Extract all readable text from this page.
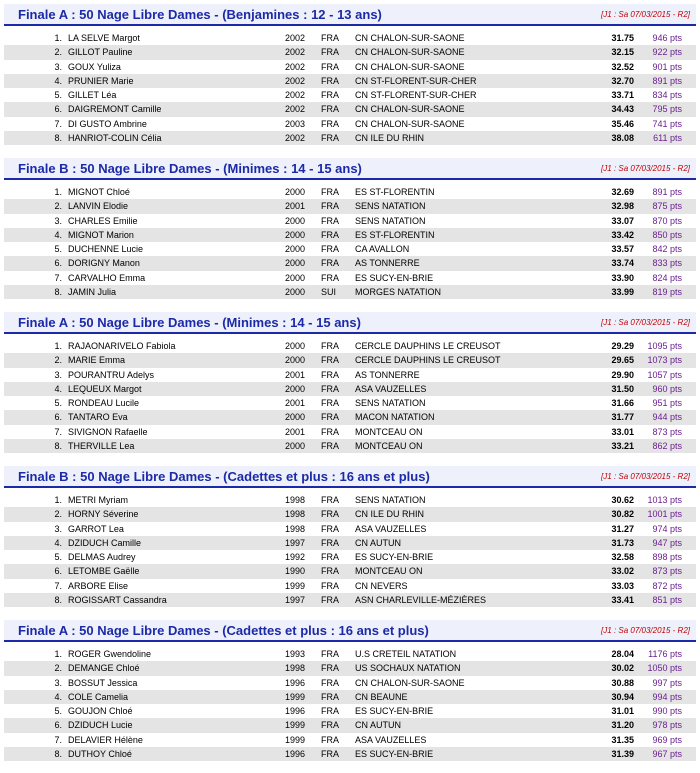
Finale A : 50 Nage Libre Dames - (Benjamines : 12 - 13 ans)	[J1 : Sa 07/03/2015 - R2]
1. LA SELVE Margot	2002 FRA CN CHALON-SUR-SAONE	31.75 946 pts
2. GILLOT Pauline	2002 FRA CN CHALON-SUR-SAONE	32.15 922 pts
3. GOUX Yuliza	2002 FRA CN CHALON-SUR-SAONE	32.52 901 pts
4. PRUNIER Marie	2002 FRA CN ST-FLORENT-SUR-CHER	32.70 891 pts
5. GILLET Léa	2002 FRA CN ST-FLORENT-SUR-CHER	33.71 834 pts
6. DAIGREMONT Camille	2002 FRA CN CHALON-SUR-SAONE	34.43 795 pts
7. DI GUSTO Ambrine	2003 FRA CN CHALON-SUR-SAONE	35.46 741 pts
8. HANRIOT-COLIN Célia	2002 FRA CN ILE DU RHIN	38.08 611 pts
Finale B : 50 Nage Libre Dames - (Minimes : 14 - 15 ans)	[J1 : Sa 07/03/2015 - R2]
1. MIGNOT Chloé	2000 FRA ES ST-FLORENTIN	32.69 891 pts
2. LANVIN Elodie	2001 FRA SENS NATATION	32.98 875 pts
3. CHARLES Emilie	2000 FRA SENS NATATION	33.07 870 pts
4. MIGNOT Marion	2000 FRA ES ST-FLORENTIN	33.42 850 pts
5. DUCHENNE Lucie	2000 FRA CA AVALLON	33.57 842 pts
6. DORIGNY Manon	2000 FRA AS TONNERRE	33.74 833 pts
7. CARVALHO Emma	2000 FRA ES SUCY-EN-BRIE	33.90 824 pts
8. JAMIN Julia	2000 SUI MORGES NATATION	33.99 819 pts
Finale A : 50 Nage Libre Dames - (Minimes : 14 - 15 ans)	[J1 : Sa 07/03/2015 - R2]
1. RAJAONARIVELO Fabiola	2000 FRA CERCLE DAUPHINS LE CREUSOT	29.29 1095 pts
2. MARIE Emma	2000 FRA CERCLE DAUPHINS LE CREUSOT	29.65 1073 pts
3. POURANTRU Adelys	2001 FRA AS TONNERRE	29.90 1057 pts
4. LEQUEUX Margot	2000 FRA ASA VAUZELLES	31.50 960 pts
5. RONDEAU Lucile	2001 FRA SENS NATATION	31.66 951 pts
6. TANTARO Eva	2000 FRA MACON NATATION	31.77 944 pts
7. SIVIGNON Rafaelle	2001 FRA MONTCEAU ON	33.01 873 pts
8. THERVILLE Lea	2000 FRA MONTCEAU ON	33.21 862 pts
Finale B : 50 Nage Libre Dames - (Cadettes et plus : 16 ans et plus)	[J1 : Sa 07/03/2015 - R2]
1. METRI Myriam	1998 FRA SENS NATATION	30.62 1013 pts
2. HORNY Séverine	1998 FRA CN ILE DU RHIN	30.82 1001 pts
3. GARROT Lea	1998 FRA ASA VAUZELLES	31.27 974 pts
4. DZIDUCH Camille	1997 FRA CN AUTUN	31.73 947 pts
5. DELMAS Audrey	1992 FRA ES SUCY-EN-BRIE	32.58 898 pts
6. LETOMBE Gaëlle	1990 FRA MONTCEAU ON	33.02 873 pts
7. ARBORE Elise	1999 FRA CN NEVERS	33.03 872 pts
8. ROGISSART Cassandra	1997 FRA ASN CHARLEVILLE-MÉZIÈRES	33.41 851 pts
Finale A : 50 Nage Libre Dames - (Cadettes et plus : 16 ans et plus)	[J1 : Sa 07/03/2015 - R2]
1. ROGER Gwendoline	1993 FRA U.S CRETEIL NATATION	28.04 1176 pts
2. DEMANGE Chloé	1998 FRA US SOCHAUX NATATION	30.02 1050 pts
3. BOSSUT Jessica	1996 FRA CN CHALON-SUR-SAONE	30.88 997 pts
4. COLE Camelia	1999 FRA CN BEAUNE	30.94 994 pts
5. GOUJON Chloé	1996 FRA ES SUCY-EN-BRIE	31.01 990 pts
6. DZIDUCH Lucie	1999 FRA CN AUTUN	31.20 978 pts
7. DELAVIER Hélène	1999 FRA ASA VAUZELLES	31.35 969 pts
8. DUTHOY Chloé	1996 FRA ES SUCY-EN-BRIE	31.39 967 pts
